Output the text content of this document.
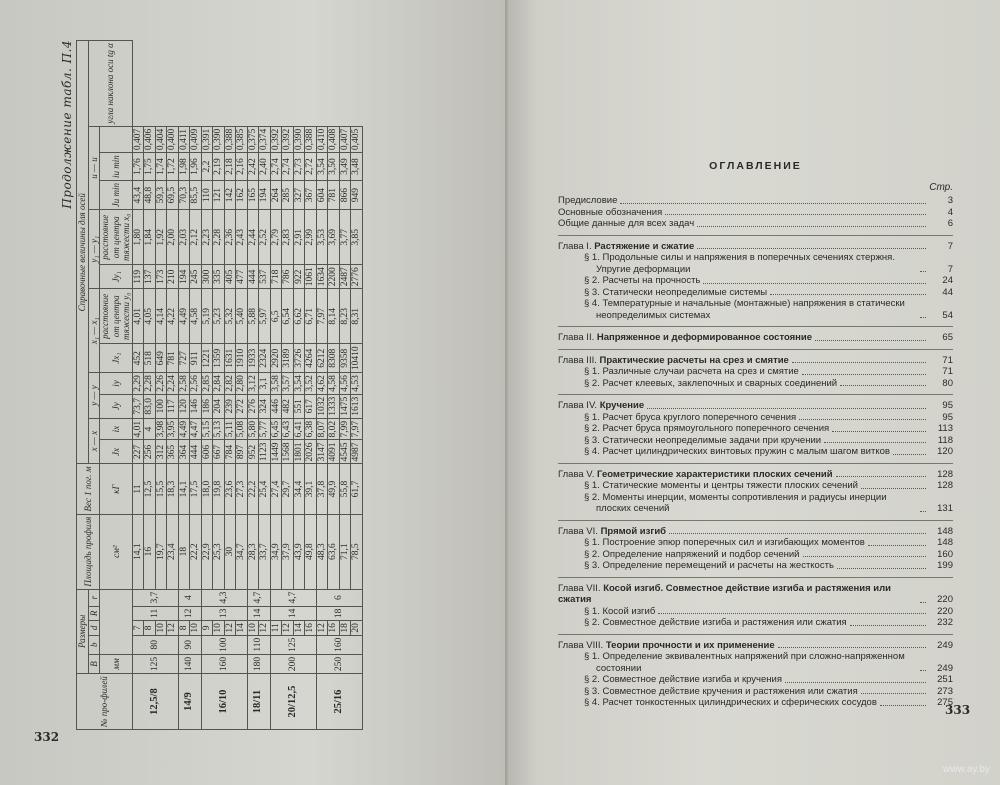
Продолжение табл. П.4
№ про-филей	Размеры					Площадь профиля	Вес 1 пог. м	Справочные величины для осей											
	B	b	d	R	r			x — x		y — y		x₁ — x₁		y₁ — y₁		u — u			угла наклона оси tg α
	мм					см²	кГ	Jx	ix	Jy	iy	Jx₁	расстояние от центра тяжести y₀	Jy₁	расстояние от центра тяжести x₀	Ju min	iu min		
12,5/8	125	80	7	11	3,7	14,1	11	227	4,01	73,7	2,29	452	4,01	119	1,80	43,4	1,76	0,407	
			8			16	12,5	256	4	83,0	2,28	518	4,05	137	1,84	48,8	1,75	0,406	
			10			19,7	15,5	312	3,98	100	2,26	649	4,14	173	1,92	59,3	1,74	0,404	
			12			23,4	18,3	365	3,95	117	2,24	781	4,22	210	2,00	69,5	1,72	0,400	
14/9	140	90	8	12	4	18	14,1	364	4,49	120	2,58	727	4,49	194	2,03	70,3	1,98	0,411	
			10			22,2	17,5	444	4,47	146	2,56	911	4,58	245	2,12	85,5	1,96	0,409	
16/10	160	100	9	13	4,3	22,9	18,0	606	5,15	186	2,85	1221	5,19	300	2,23	110	2,2	0,391	
			10			25,3	19,8	667	5,13	204	2,84	1359	5,23	335	2,28	121	2,19	0,390	
			12			30	23,6	784	5,11	239	2,82	1631	5,32	405	2,36	142	2,18	0,388	
			14			34,7	27,3	897	5,08	272	2,80	1910	5,40	477	2,43	162	2,16	0,385	
18/11	180	110	10	14	4,7	28,3	22,2	952	5,80	276	3,12	1933	5,88	444	2,44	165	2,42	0,375	
			12			33,7	25,4	1123	5,77	324	3,1	2324	5,97	537	2,52	194	2,40	0,374	
20/12,5	200	125	11	14	4,7	34,9	27,4	1449	6,45	446	3,58	2920	6,5	718	2,79	264	2,74	0,392	
			12			37,9	29,7	1568	6,43	482	3,57	3189	6,54	786	2,83	285	2,74	0,392	
			14			43,9	34,4	1801	6,41	551	3,54	3726	6,62	922	2,91	327	2,73	0,390	
			16			49,8	39,1	2026	6,38	617	3,52	4264	6,71	1061	2,99	367	2,72	0,388	
25/16	250	160	12	18	6	48,3	37,8	3147	8,07	1032	4,62	6212	7,97	1634	3,53	604	3,54	0,410	
			16			63,6	49,9	4091	8,02	1333	4,58	8308	8,14	2200	3,69	781	3,50	0,408	
			18			71,1	55,8	4545	7,99	1475	4,56	9358	8,23	2487	3,77	866	3,49	0,407	
			20			78,5	61,7	4987	7,97	1613	4,53	10410	8,31	2776	3,85	949	3,48	0,405	
332
333
ОГЛАВЛЕНИЕ
Стр.
Предисловие	3
Основные обозначения	4
Общие данные для всех задач	6
Глава I. Растяжение и сжатие	7
§ 1. Продольные силы и напряжения в поперечных сечениях стержня. Упругие деформации	7
§ 2. Расчеты на прочность	24
§ 3. Статически неопределимые системы	44
§ 4. Температурные и начальные (монтажные) напряжения в статически неопределимых системах	54
Глава II. Напряженное и деформированное состояние	65
Глава III. Практические расчеты на срез и смятие	71
§ 1. Различные случаи расчета на срез и смятие	71
§ 2. Расчет клеевых, заклепочных и сварных соединений	80
Глава IV. Кручение	95
§ 1. Расчет бруса круглого поперечного сечения	95
§ 2. Расчет бруса прямоугольного поперечного сечения	113
§ 3. Статически неопределимые задачи при кручении	118
§ 4. Расчет цилиндрических винтовых пружин с малым шагом витков	120
Глава V. Геометрические характеристики плоских сечений	128
§ 1. Статические моменты и центры тяжести плоских сечений	128
§ 2. Моменты инерции, моменты сопротивления и радиусы инерции плоских сечений	131
Глава VI. Прямой изгиб	148
§ 1. Построение эпюр поперечных сил и изгибающих моментов	148
§ 2. Определение напряжений и подбор сечений	160
§ 3. Определение перемещений и расчеты на жесткость	199
Глава VII. Косой изгиб. Совместное действие изгиба и растяжения или сжатия	220
§ 1. Косой изгиб	220
§ 2. Совместное действие изгиба и растяжения или сжатия	232
Глава VIII. Теории прочности и их применение	249
§ 1. Определение эквивалентных напряжений при сложно-напряженном состоянии	249
§ 2. Совместное действие изгиба и кручения	251
§ 3. Совместное действие кручения и растяжения или сжатия	273
§ 4. Расчет тонкостенных цилиндрических и сферических сосудов	275
www.ay.by
